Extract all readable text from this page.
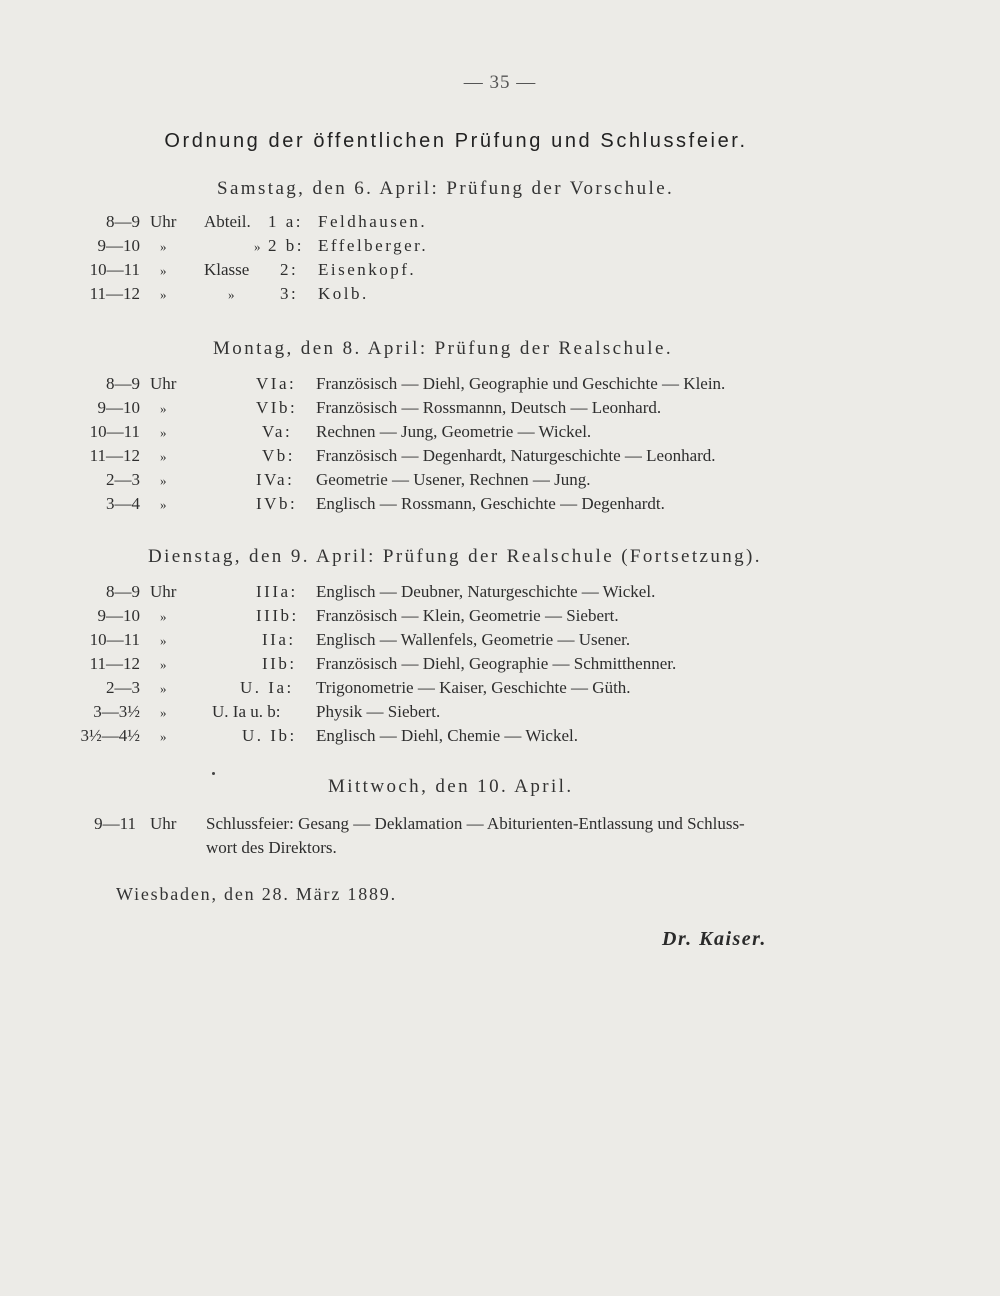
— 35 —
Ordnung der öffentlichen Prüfung und Schlussfeier.
Samstag, den 6. April: Prüfung der Vorschule.
8—9 Uhr Abteil. 1 a: Feldhausen.
9—10 »	» 2 b: Effelberger.
10—11 » Klasse 2: Eisenkopf.
11—12 »	»	3: Kolb.
Montag, den 8. April: Prüfung der Realschule.
8—9 Uhr	VIa: Französisch — Diehl, Geographie und Geschichte — Klein.
9—10 »	VIb: Französisch — Rossmannn, Deutsch — Leonhard.
10—11 »	Va: Rechnen — Jung, Geometrie — Wickel.
11—12 »	Vb: Französisch — Degenhardt, Naturgeschichte — Leonhard.
2—3 »	IVa: Geometrie — Usener, Rechnen — Jung.
3—4 »	IVb: Englisch — Rossmann, Geschichte — Degenhardt.
Dienstag, den 9. April: Prüfung der Realschule (Fortsetzung).
8—9 Uhr	IIIa: Englisch — Deubner, Naturgeschichte — Wickel.
9—10 »	IIIb: Französisch — Klein, Geometrie — Siebert.
10—11 »	IIa: Englisch — Wallenfels, Geometrie — Usener.
11—12 »	IIb: Französisch — Diehl, Geographie — Schmitthenner.
2—3 »	U. Ia: Trigonometrie — Kaiser, Geschichte — Güth.
3—3½ »	U. Ia u. b: Physik — Siebert.
3½—4½ »	U. Ib: Englisch — Diehl, Chemie — Wickel.
Mittwoch, den 10. April.
9—11 Uhr Schlussfeier: Gesang — Deklamation — Abiturienten-Entlassung und Schluss-
wort des Direktors.
Wiesbaden, den 28. März 1889.
Dr. Kaiser.
